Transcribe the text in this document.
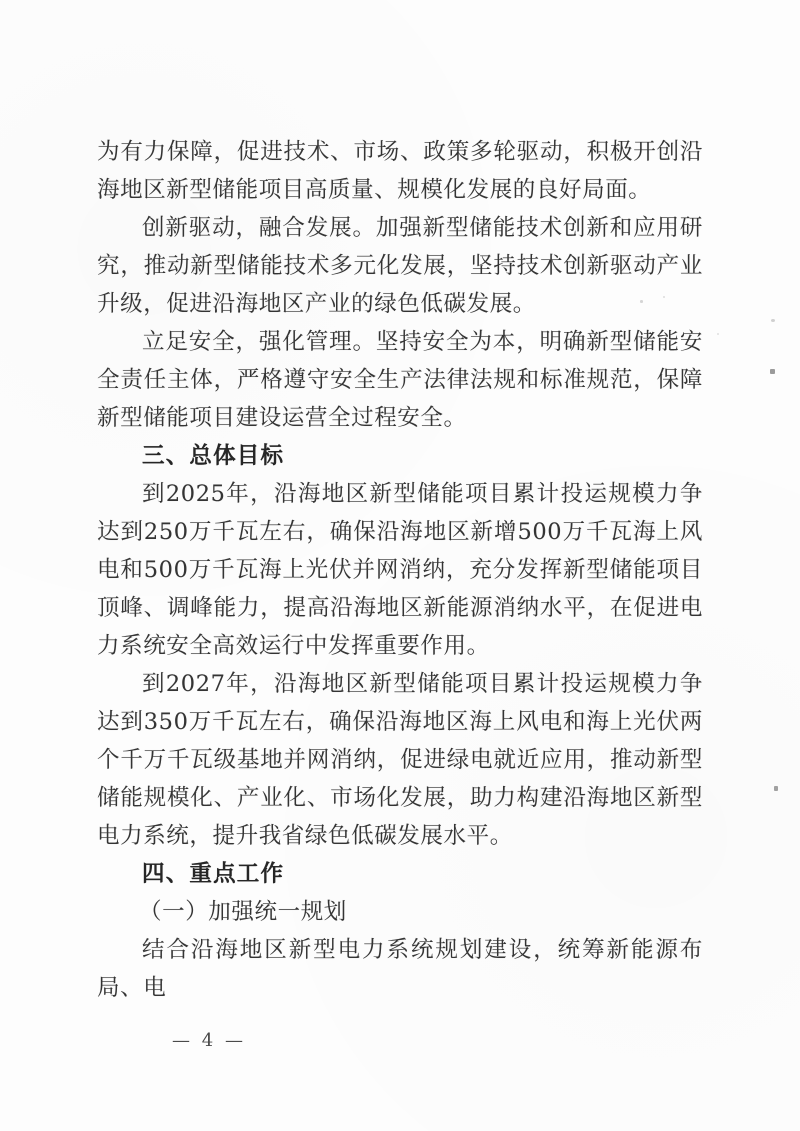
为有力保障，促进技术、市场、政策多轮驱动，积极开创沿海地区新型储能项目高质量、规模化发展的良好局面。

创新驱动，融合发展。加强新型储能技术创新和应用研究，推动新型储能技术多元化发展，坚持技术创新驱动产业升级，促进沿海地区产业的绿色低碳发展。

立足安全，强化管理。坚持安全为本，明确新型储能安全责任主体，严格遵守安全生产法律法规和标准规范，保障新型储能项目建设运营全过程安全。

三、总体目标

到2025年，沿海地区新型储能项目累计投运规模力争达到250万千瓦左右，确保沿海地区新增500万千瓦海上风电和500万千瓦海上光伏并网消纳，充分发挥新型储能项目顶峰、调峰能力，提高沿海地区新能源消纳水平，在促进电力系统安全高效运行中发挥重要作用。

到2027年，沿海地区新型储能项目累计投运规模力争达到350万千瓦左右，确保沿海地区海上风电和海上光伏两个千万千瓦级基地并网消纳，促进绿电就近应用，推动新型储能规模化、产业化、市场化发展，助力构建沿海地区新型电力系统，提升我省绿色低碳发展水平。

四、重点工作
（一）加强统一规划

结合沿海地区新型电力系统规划建设，统筹新能源布局、电

— 4 —
